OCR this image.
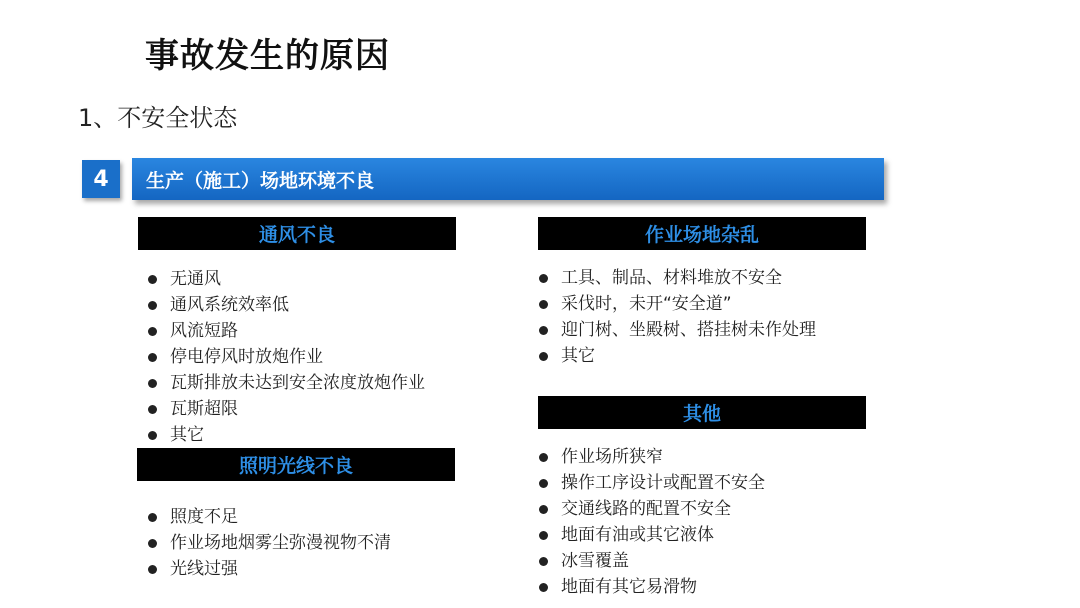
事故发生的原因
1、不安全状态
4	生产（施工）场地环境不良
通风不良
无通风
通风系统效率低
风流短路
停电停风时放炮作业
瓦斯排放未达到安全浓度放炮作业
瓦斯超限
其它
照明光线不良
照度不足
作业场地烟雾尘弥漫视物不清
光线过强
作业场地杂乱
工具、制品、材料堆放不安全
采伐时，未开“安全道”
迎门树、坐殿树、搭挂树未作处理
其它
其他
作业场所狭窄
操作工序设计或配置不安全
交通线路的配置不安全
地面有油或其它液体
冰雪覆盖
地面有其它易滑物
